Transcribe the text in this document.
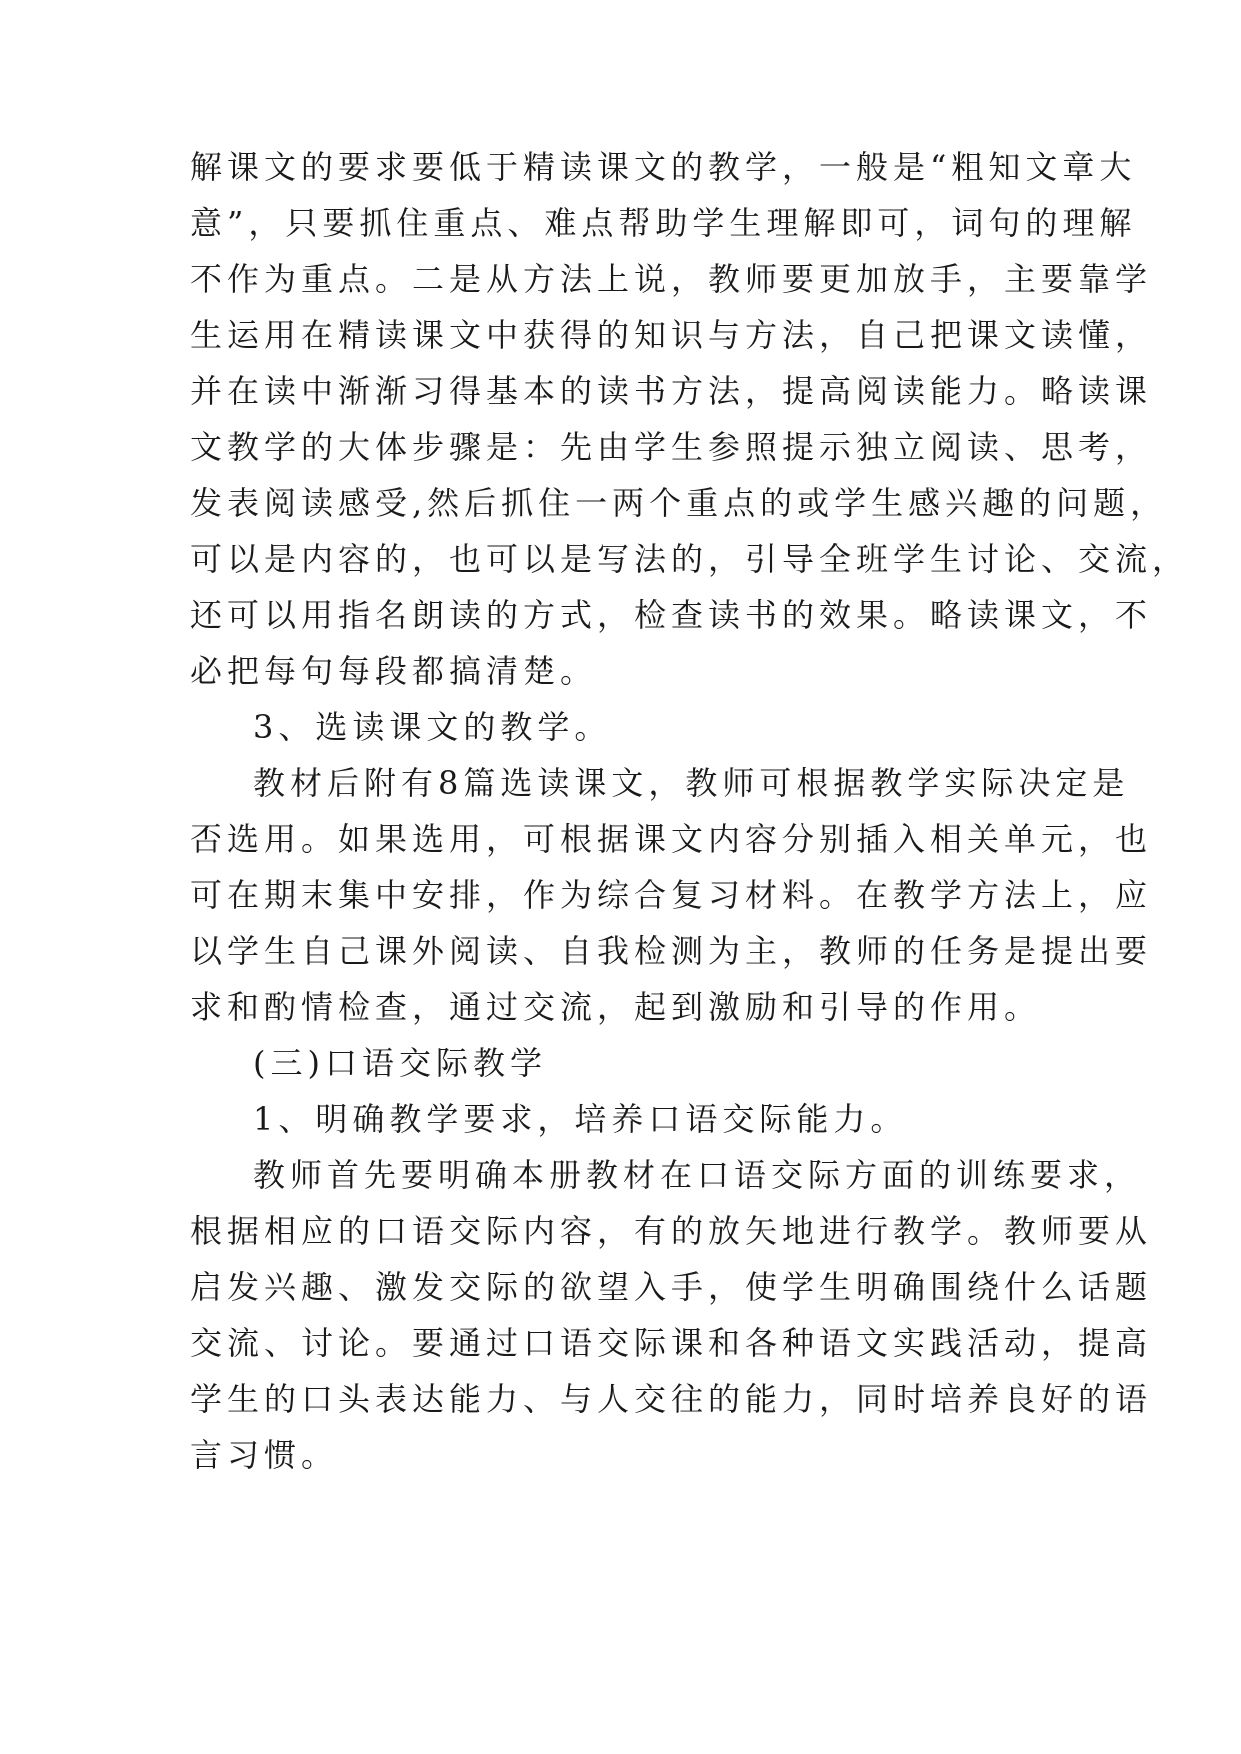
解课文的要求要低于精读课文的教学，一般是“粗知文章大
意”，只要抓住重点、难点帮助学生理解即可，词句的理解
不作为重点。二是从方法上说，教师要更加放手，主要靠学
生运用在精读课文中获得的知识与方法，自己把课文读懂，
并在读中渐渐习得基本的读书方法，提高阅读能力。略读课
文教学的大体步骤是：先由学生参照提示独立阅读、思考，
发表阅读感受,然后抓住一两个重点的或学生感兴趣的问题，
可以是内容的，也可以是写法的，引导全班学生讨论、交流，
还可以用指名朗读的方式，检查读书的效果。略读课文，不
必把每句每段都搞清楚。
3、选读课文的教学。
教材后附有8篇选读课文，教师可根据教学实际决定是
否选用。如果选用，可根据课文内容分别插入相关单元，也
可在期末集中安排，作为综合复习材料。在教学方法上，应
以学生自己课外阅读、自我检测为主，教师的任务是提出要
求和酌情检查，通过交流，起到激励和引导的作用。
(三)口语交际教学
1、明确教学要求，培养口语交际能力。
教师首先要明确本册教材在口语交际方面的训练要求，
根据相应的口语交际内容，有的放矢地进行教学。教师要从
启发兴趣、激发交际的欲望入手，使学生明确围绕什么话题
交流、讨论。要通过口语交际课和各种语文实践活动，提高
学生的口头表达能力、与人交往的能力，同时培养良好的语
言习惯。
